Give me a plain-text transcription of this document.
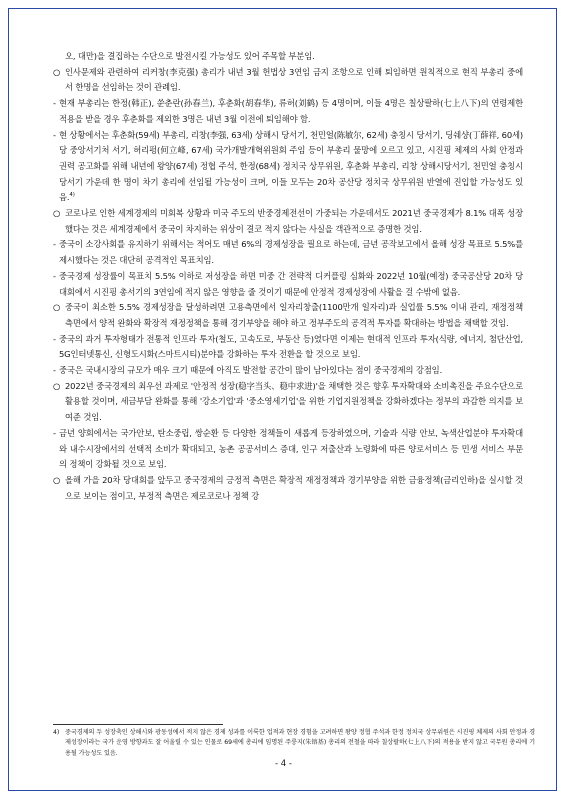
오, 대만)을 결집하는 수단으로 발전시킬 가능성도 있어 주목할 부분임.

○ 인사문제와 관련하여 리커창(李克强) 총리가 내년 3월 헌법상 3연임 금지 조항으로 인해 퇴임하면 원칙적으로 현직 부총리 중에서 한명을 선임하는 것이 관례임.

- 현재 부총리는 한정(韩正), 쑨춘란(孙春兰), 후춘화(胡春华), 류허(刘鹤) 등 4명이며, 이들 4명은 칠상팔하(七上八下)의 연령제한 적용을 받을 경우 후춘화를 제외한 3명은 내년 3월 이전에 퇴임해야 함.

- 현 상황에서는 후춘화(59세) 부총리, 리창(李强, 63세) 상해시 당서기, 천민얼(陈敏尔, 62세) 충칭시 당서기, 딩쉐샹(丁薛祥, 60세) 당 중앙서기처 서기, 허리펑(何立峰, 67세) 국가개발개혁위원회 주임 등이 부총리 물망에 오르고 있고, 시진핑 체제의 사회 안정과 권력 공고화를 위해 내년에 왕양(67세) 정협 주석, 한정(68세) 정치국 상무위원, 후춘화 부총리, 리창 상해시당서기, 천민얼 충칭시 당서기 가운데 한 명이 차기 총리에 선임될 가능성이 크며, 이들 모두는 20차 공산당 정치국 상무위원 반열에 진입할 가능성도 있음.$^{4)}$

○ 코로나로 인한 세계경제의 미회복 상황과 미국 주도의 반중경제전선이 가중되는 가운데서도 2021년 중국경제가 8.1% 대폭 성장했다는 것은 세계경제에서 중국이 차지하는 위상이 결코 적지 않다는 사실을 객관적으로 증명한 것임.

- 중국이 소강사회를 유지하기 위해서는 적어도 매년 6%의 경제성장을 필요로 하는데, 금년 공작보고에서 올해 성장 목표로 5.5%를 제시했다는 것은 대단히 공격적인 목표치임.

- 중국경제 성장률이 목표치 5.5% 이하로 저성장을 하면 미중 간 전략적 디커플링 심화와 2022년 10월(예정) 중국공산당 20차 당대회에서 시진핑 총서기의 3연임에 적지 않은 영향을 줄 것이기 때문에 안정적 경제성장에 사활을 걸 수밖에 없음.

○ 중국이 최소한 5.5% 경제성장을 달성하려면 고용측면에서 일자리창출(1100만개 일자리)과 실업률 5.5% 이내 관리, 재정정책 측면에서 양적 완화와 확장적 재정정책을 통해 경기부양을 해야 하고 정부주도의 공격적 투자를 확대하는 방법을 채택할 것임.

- 중국의 과거 투자형태가 전통적 인프라 투자(철도, 고속도로, 부동산 등)였다면 이제는 현대적 인프라 투자(식량, 에너지, 첨단산업, 5G인터넷통신, 신형도시화(스마트시티)분야를 강화하는 투자 전환을 할 것으로 보임.

- 중국은 국내시장의 규모가 매우 크기 때문에 아직도 발전할 공간이 많이 남아있다는 점이 중국경제의 강점임.

○ 2022년 중국경제의 최우선 과제로 '안정적 성장(稳字当头、稳中求进)'을 채택한 것은 향후 투자확대와 소비촉진을 주요수단으로 활용할 것이며, 세금부담 완화를 통해 '강소기업'과 '중소영세기업'을 위한 기업지원정책을 강화하겠다는 정부의 과감한 의지를 보여준 것임.

- 금년 양회에서는 국가안보, 탄소중립, 쌍순환 등 다양한 정책들이 새롭게 등장하였으며, 기술과 식량 안보, 녹색산업분야 투자확대와 내수시장에서의 선택적 소비가 확대되고, 농촌 공공서비스 증대, 인구 저출산과 노령화에 따른 양로서비스 등 민생 서비스 부문의 정책이 강화될 것으로 보임.

○ 올해 가을 20차 당대회를 앞두고 중국경제의 긍정적 측면은 확장적 재정정책과 경기부양을 위한 금융정책(금리인하)을 실시할 것으로 보이는 점이고, 부정적 측면은 제로코로나 정책 강

4) 중국경제의 두 성장축인 상해시와 광동성에서 적지 않은 경제 성과를 이룩한 업적과 현장 경험을 고려하면 왕양 정협 주석과 한정 정치국 상무위원은 시진핑 체제의 사회 안정과 경제성장이라는 국가 운영 방향과도 잘 어울릴 수 있는 인물로 69세에 총리에 임명된 주룽지(朱镕基) 총리의 전철을 따라 칠상팔하(七上八下)의 적용을 받지 않고 국무원 총리에 기용될 가능성도 있음.
- 4 -
